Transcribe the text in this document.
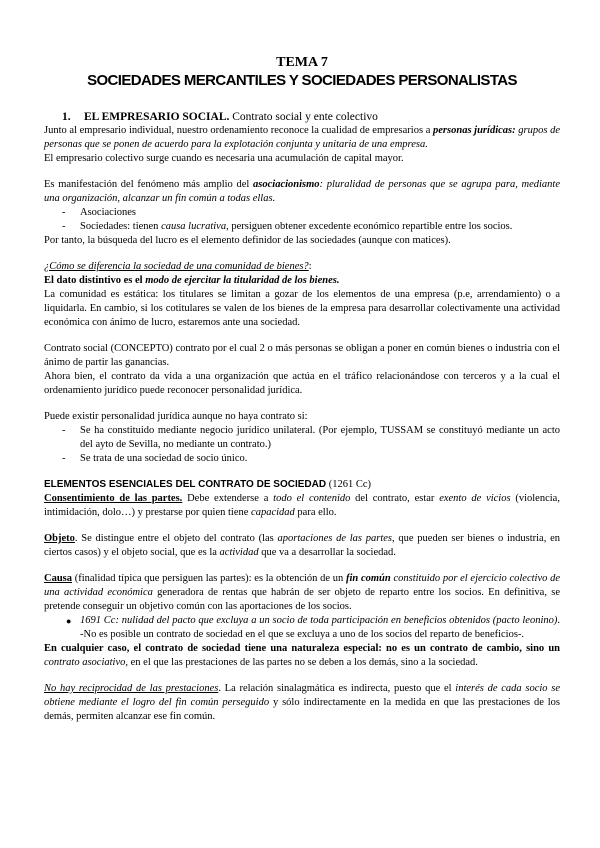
TEMA 7
SOCIEDADES MERCANTILES Y SOCIEDADES PERSONALISTAS
1. EL EMPRESARIO SOCIAL. Contrato social y ente colectivo

Junto al empresario individual, nuestro ordenamiento reconoce la cualidad de empresarios a personas jurídicas: grupos de personas que se ponen de acuerdo para la explotación conjunta y unitaria de una empresa.

El empresario colectivo surge cuando es necesaria una acumulación de capital mayor.

Es manifestación del fenómeno más amplio del asociacionismo: pluralidad de personas que se agrupa para, mediante una organización, alcanzar un fin común a todas ellas.

- Asociaciones
- Sociedades: tienen causa lucrativa, persiguen obtener excedente económico repartible entre los socios.

Por tanto, la búsqueda del lucro es el elemento definidor de las sociedades (aunque con matices).

¿Cómo se diferencia la sociedad de una comunidad de bienes?:

El dato distintivo es el modo de ejercitar la titularidad de los bienes.

La comunidad es estática: los titulares se limitan a gozar de los elementos de una empresa (p.e, arrendamiento) o a liquidarla. En cambio, si los cotitulares se valen de los bienes de la empresa para desarrollar colectivamente una actividad económica con ánimo de lucro, estaremos ante una sociedad.

Contrato social (CONCEPTO) contrato por el cual 2 o más personas se obligan a poner en común bienes o industria con el ánimo de partir las ganancias.

Ahora bien, el contrato da vida a una organización que actúa en el tráfico relacionándose con terceros y a la cual el ordenamiento jurídico puede reconocer personalidad jurídica.

Puede existir personalidad jurídica aunque no haya contrato si:

- Se ha constituido mediante negocio jurídico unilateral. (Por ejemplo, TUSSAM se constituyó mediante un acto del ayto de Sevilla, no mediante un contrato.)
- Se trata de una sociedad de socio único.

ELEMENTOS ESENCIALES DEL CONTRATO DE SOCIEDAD (1261 Cc)

Consentimiento de las partes. Debe extenderse a todo el contenido del contrato, estar exento de vicios (violencia, intimidación, dolo…) y prestarse por quien tiene capacidad para ello.

Objeto. Se distingue entre el objeto del contrato (las aportaciones de las partes, que pueden ser bienes o industria, en ciertos casos) y el objeto social, que es la actividad que va a desarrollar la sociedad.

Causa (finalidad típica que persiguen las partes): es la obtención de un fin común constituido por el ejercicio colectivo de una actividad económica generadora de rentas que habrán de ser objeto de reparto entre los socios. En definitiva, se pretende conseguir un objetivo común con las aportaciones de los socios.

● 1691 Cc: nulidad del pacto que excluya a un socio de toda participación en beneficios obtenidos (pacto leonino). -No es posible un contrato de sociedad en el que se excluya a uno de los socios del reparto de beneficios-.

En cualquier caso, el contrato de sociedad tiene una naturaleza especial: no es un contrato de cambio, sino un contrato asociativo, en el que las prestaciones de las partes no se deben a los demás, sino a la sociedad.

No hay reciprocidad de las prestaciones. La relación sinalagmática es indirecta, puesto que el interés de cada socio se obtiene mediante el logro del fin común perseguido y sólo indirectamente en la medida en que las prestaciones de los demás, permiten alcanzar ese fin común.
